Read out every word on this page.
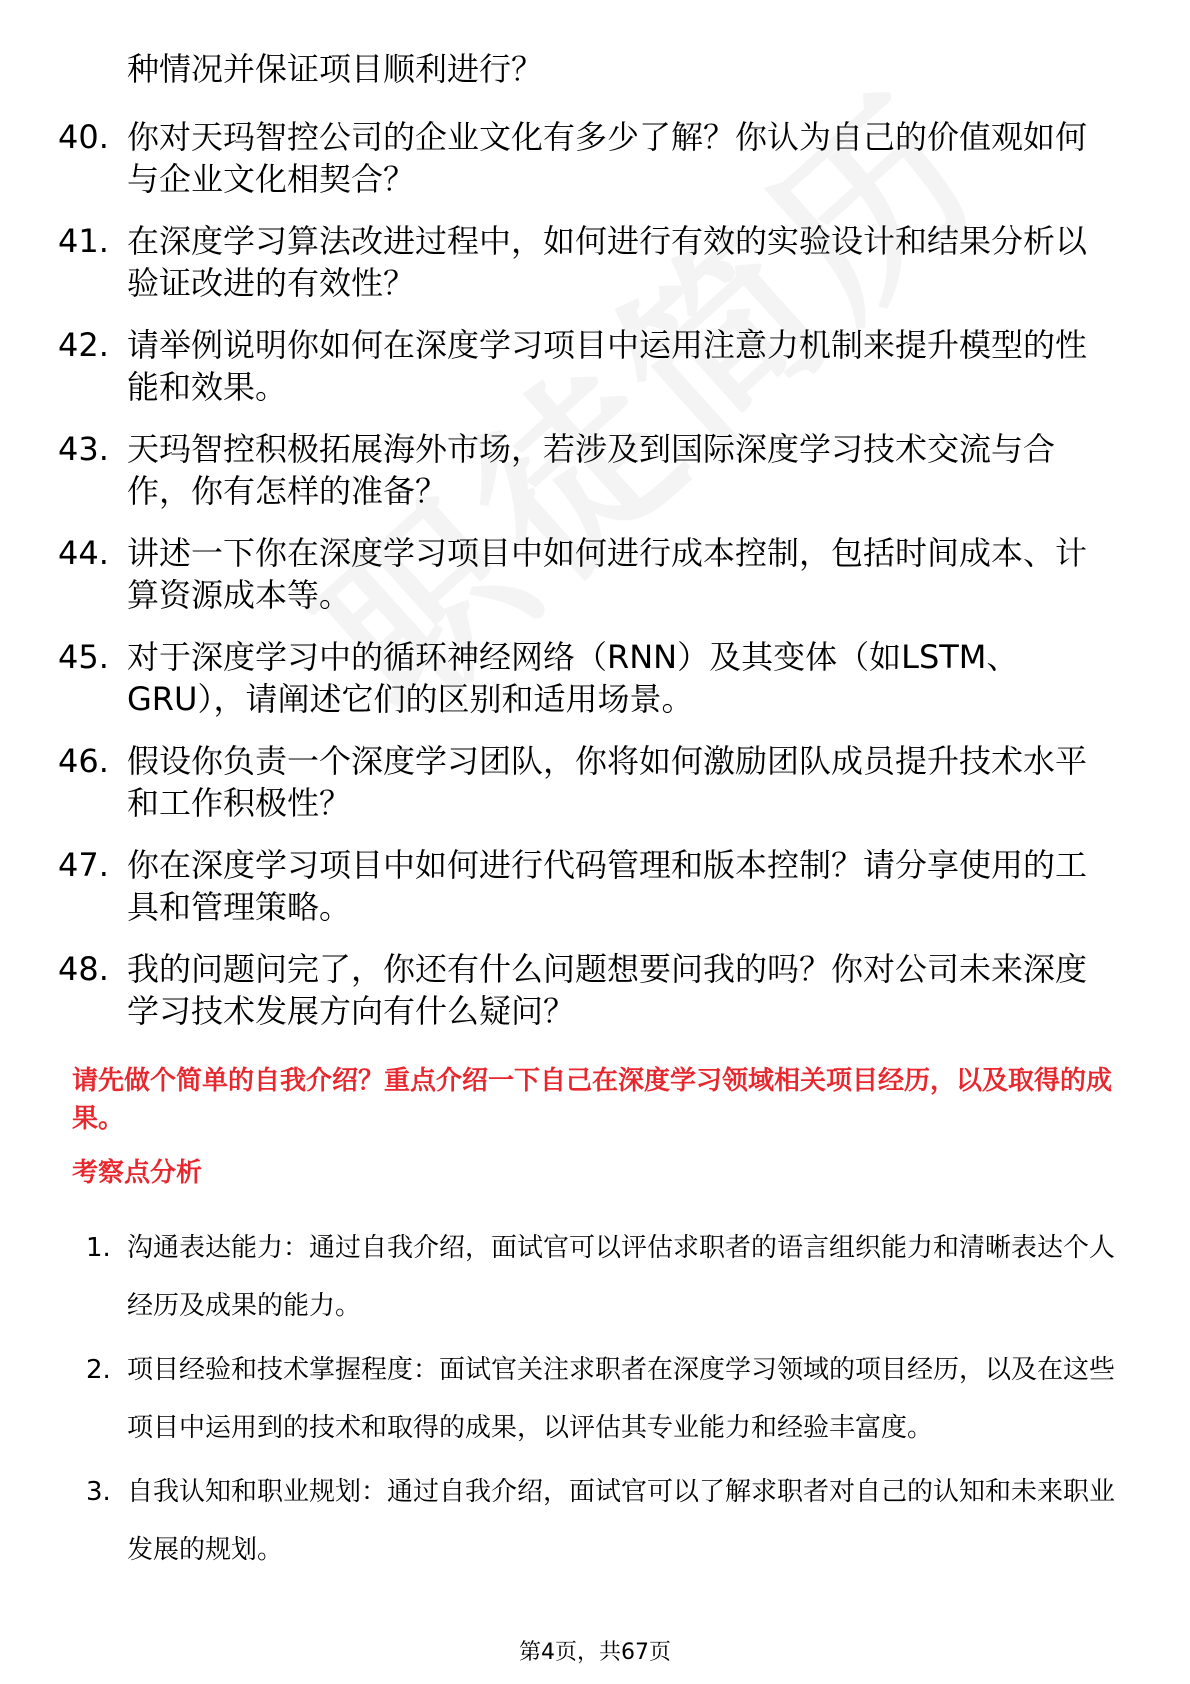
种情况并保证项目顺利进行？
40. 你对天玛智控公司的企业文化有多少了解？你认为自己的价值观如何与企业文化相契合？
41. 在深度学习算法改进过程中，如何进行有效的实验设计和结果分析以验证改进的有效性？
42. 请举例说明你如何在深度学习项目中运用注意力机制来提升模型的性能和效果。
43. 天玛智控积极拓展海外市场，若涉及到国际深度学习技术交流与合作，你有怎样的准备？
44. 讲述一下你在深度学习项目中如何进行成本控制，包括时间成本、计算资源成本等。
45. 对于深度学习中的循环神经网络（RNN）及其变体（如LSTM、GRU），请阐述它们的区别和适用场景。
46. 假设你负责一个深度学习团队，你将如何激励团队成员提升技术水平和工作积极性？
47. 你在深度学习项目中如何进行代码管理和版本控制？请分享使用的工具和管理策略。
48. 我的问题问完了，你还有什么问题想要问我的吗？你对公司未来深度学习技术发展方向有什么疑问？
请先做个简单的自我介绍？重点介绍一下自己在深度学习领域相关项目经历，以及取得的成果。
考察点分析
1. 沟通表达能力：通过自我介绍，面试官可以评估求职者的语言组织能力和清晰表达个人经历及成果的能力。
2. 项目经验和技术掌握程度：面试官关注求职者在深度学习领域的项目经历，以及在这些项目中运用到的技术和取得的成果，以评估其专业能力和经验丰富度。
3. 自我认知和职业规划：通过自我介绍，面试官可以了解求职者对自己的认知和未来职业发展的规划。
第4页，共67页
